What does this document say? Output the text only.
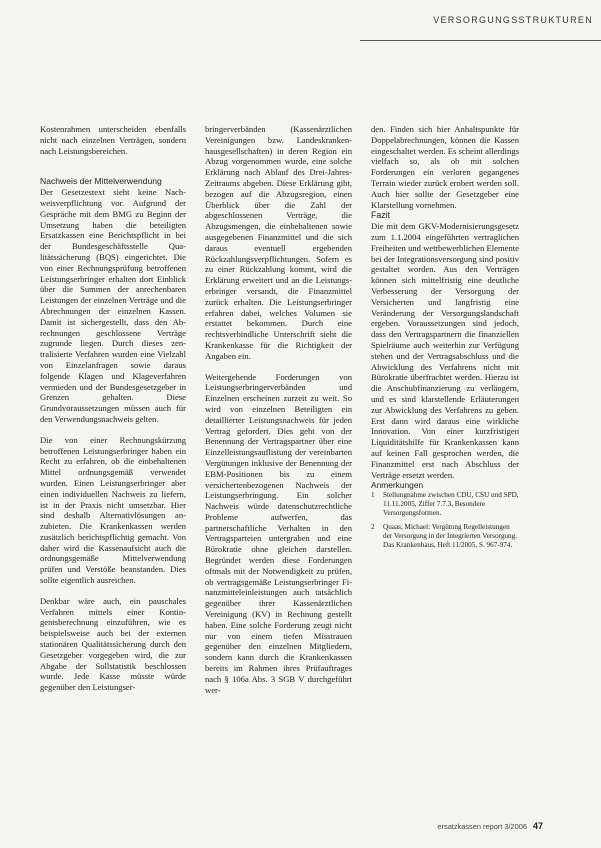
VERSORGUNGSSTRUKTUREN

Kostenrahmen unterscheiden ebenfalls nicht nach einzelnen Verträgen, sondern nach Leistungsbereichen.

Nachweis der Mittelverwendung

Der Gesetzestext sieht keine Nachweisverpflichtung vor. Aufgrund der Gespräche mit dem BMG zu Beginn der Umsetzung haben die beteiligten Ersatzkassen eine Berichtspflicht in bei der Bundesgeschäftsstelle Qualitätssicherung (BQS) eingerichtet. Die von einer Rechnungsprüfung betroffenen Leistungserbringer erhalten dort Einblick über die Summen der anrechenbaren Leistungen der einzelnen Verträge und die Abrechnungen der einzelnen Kassen. Damit ist sichergestellt, dass den Abrechnungen geschlossene Verträge zugrunde liegen. Durch dieses zentralisierte Verfahren wurden eine Vielzahl von Einzelanfragen sowie daraus folgende Klagen und Klageverfahren vermieden und der Bundesgesetzgeber in Grenzen gehalten. Diese Grundvoraussetzungen müssen auch für den Verwendungsnachweis gelten.

Die von einer Rechnungskürzung betroffenen Leistungserbringer haben ein Recht zu erfahren, ob die einbehaltenen Mittel ordnungsgemäß verwendet wurden. Einen Leistungserbringer aber einen individuellen Nachweis zu liefern, ist in der Praxis nicht umsetzbar. Hier sind deshalb Alternativlösungen anzubieten. Die Krankenkassen werden zusätzlich berichtspflichtig gemacht. Von daher wird die Kassenaufsicht auch die ordnungsgemäße Mittelverwendung prüfen und Verstöße beanstanden. Dies sollte eigentlich ausreichen.

Denkbar wäre auch, ein pauschales Verfahren mittels einer Kontingentsberechnung einzuführen, wie es beispielsweise auch bei der externen stationären Qualitätssicherung durch den Gesetzgeber vorgegeben wird, die zur Abgabe der Sollstatistik beschlossen wurde. Jede Kasse müsste würde gegenüber den Leistungser-

bringerverbänden (Kassenärztlichen Vereinigungen bzw. Landeskrankenhausgesellschaften) in deren Region ein Abzug vorgenommen wurde, eine solche Erklärung nach Ablauf des Drei-Jahres-Zeitraums abgeben. Diese Erklärung gibt, bezogen auf die Abzugsregion, einen Überblick über die Zahl der abgeschlossenen Verträge, die Abzugsmengen, die einbehaltenen sowie ausgegebenen Finanzmittel und die sich daraus eventuell ergebenden Rückzahlungsverpflichtungen. Sofern es zu einer Rückzahlung kommt, wird die Erklärung erweitert und an die Leistungserbringer versandt, die Finanzmittel zurück erhalten. Die Leistungserbringer erfahren dabei, welches Volumen sie erstattet bekommen. Durch eine rechtsverbindliche Unterschrift sieht die Krankenkasse für die Richtigkeit der Angaben ein.

Weitergehende Forderungen von Leistungserbringerverbänden und Einzelnen erscheinen zurzeit zu weit. So wird von einzelnen Beteiligten ein detaillierter Leistungsnachweis für jeden Vertrag gefordert. Dies geht von der Benennung der Vertragspartner über eine Einzelleistungsauflistung der vereinbarten Vergütungen inklusive der Benennung der EBM-Positionen bis zu einem versichertenbezogenen Nachweis der Leistungserbringung. Ein solcher Nachweis würde datenschutzrechtliche Probleme aufwerfen, das partnerschaftliche Verhalten in den Vertragsparteien untergraben und eine Bürokratie ohne gleichen darstellen. Begründet werden diese Forderungen oftmals mit der Notwendigkeit zu prüfen, ob vertragsgemäße Leistungserbringer Finanzmitteleinleistungen auch tatsächlich gegenüber ihrer Kassenärztlichen Vereinigung (KV) in Rechnung gestellt haben. Eine solche Forderung zeugt nicht nur von einem tiefen Misstrauen gegenüber den einzelnen Mitgliedern, sondern kann durch die Krankenkassen bereits im Rahmen ihres Prüfauftrages nach § 106a Abs. 3 SGB V durchgeführt wer-

den. Finden sich hier Anhaltspunkte für Doppelabrechnungen, können die Kassen eingeschaltet werden. Es scheint allerdings vielfach so, als ob mit solchen Forderungen ein verloren gegangenes Terrain wieder zurück erobert werden soll. Auch hier sollte der Gesetzgeber eine Klarstellung vornehmen.

Fazit

Die mit dem GKV-Modernisierungsgesetz zum 1.1.2004 eingeführten vertraglichen Freiheiten und wettbewerblichen Elemente bei der Integrationsversorgung sind positiv gestaltet worden. Aus den Verträgen können sich mittelfristig eine deutliche Verbesserung der Versorgung der Versicherten und langfristig eine Veränderung der Versorgungslandschaft ergeben. Voraussetzungen sind jedoch, dass den Vertragspartnern die finanziellen Spielräume auch weiterhin zur Verfügung stehen und der Vertragsabschluss und die Abwicklung des Verfahrens nicht mit Bürokratie überfrachtet werden. Hierzu ist die Anschubfinanzierung zu verlängern, und es sind klarstellende Erläuterungen zur Abwicklung des Verfahrens zu geben. Erst dann wird daraus eine wirkliche Innovation. Von einer kurzfristigen Liquiditätshilfe für Krankenkassen kann auf keinen Fall gesprochen werden, die Finanzmittel erst nach Abschluss der Verträge ersetzt werden.

Anmerkungen

1	Stellungnahme zwischen CDU, CSU und SPD, 11.11.2005, Ziffer 7.7.3, Besondere Versorgungsformen.
2	Quaas, Michael: Vergütung Regelleistungen der Versorgung in der Integrierten Versorgung. Das Krankenhaus, Heft 11/2005, S. 967-974.
ersatzkassen report 3/2006 47
